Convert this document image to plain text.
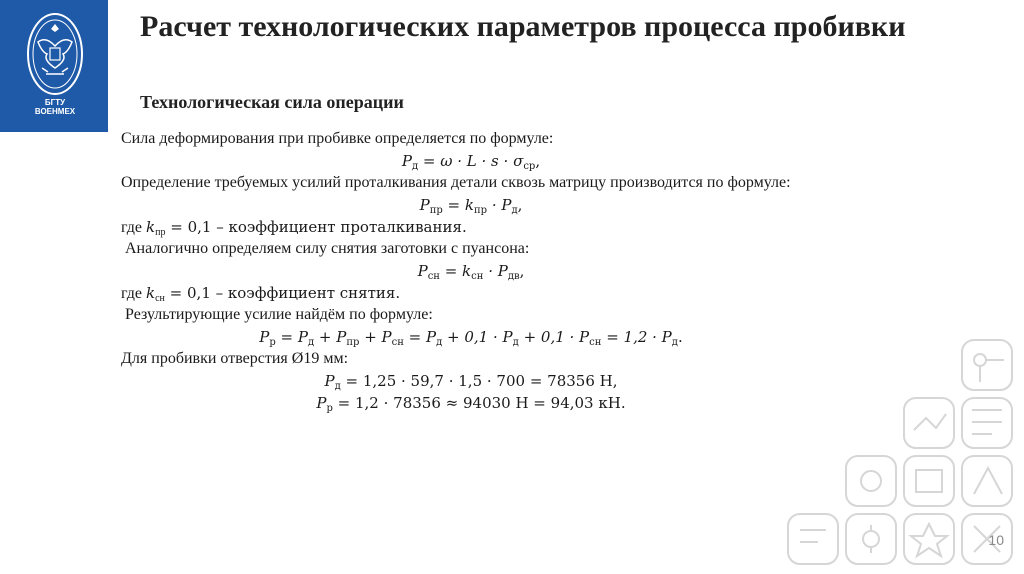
БГТУ
ВОЕНМЕХ
Расчет технологических параметров процесса пробивки
Технологическая сила операции
Сила деформирования при пробивке определяется по формуле:
$P_д = \omega \cdot L \cdot s \cdot \sigma_{ср}$,
Определение требуемых усилий проталкивания детали сквозь матрицу производится по формуле:
$P_{пр} = k_{пр} \cdot P_д$,
где $k_{пр} = 0,1$ – коэффициент проталкивания.
Аналогично определяем силу снятия заготовки с пуансона:
$P_{сн} = k_{сн} \cdot P_{дв}$,
где $k_{сн} = 0,1$ – коэффициент снятия.
Результирующие усилие найдём по формуле:
$P_р = P_д + P_{пр} + P_{сн} = P_д + 0,1 \cdot P_д + 0,1 \cdot P_{сн} = 1,2 \cdot P_д$.
Для пробивки отверстия Ø19 мм:
$P_д = 1,25 \cdot 59,7 \cdot 1,5 \cdot 700 = 78356$ Н,
$P_р = 1,2 \cdot 78356 \approx 94030$ Н = 94,03 кН.
10
